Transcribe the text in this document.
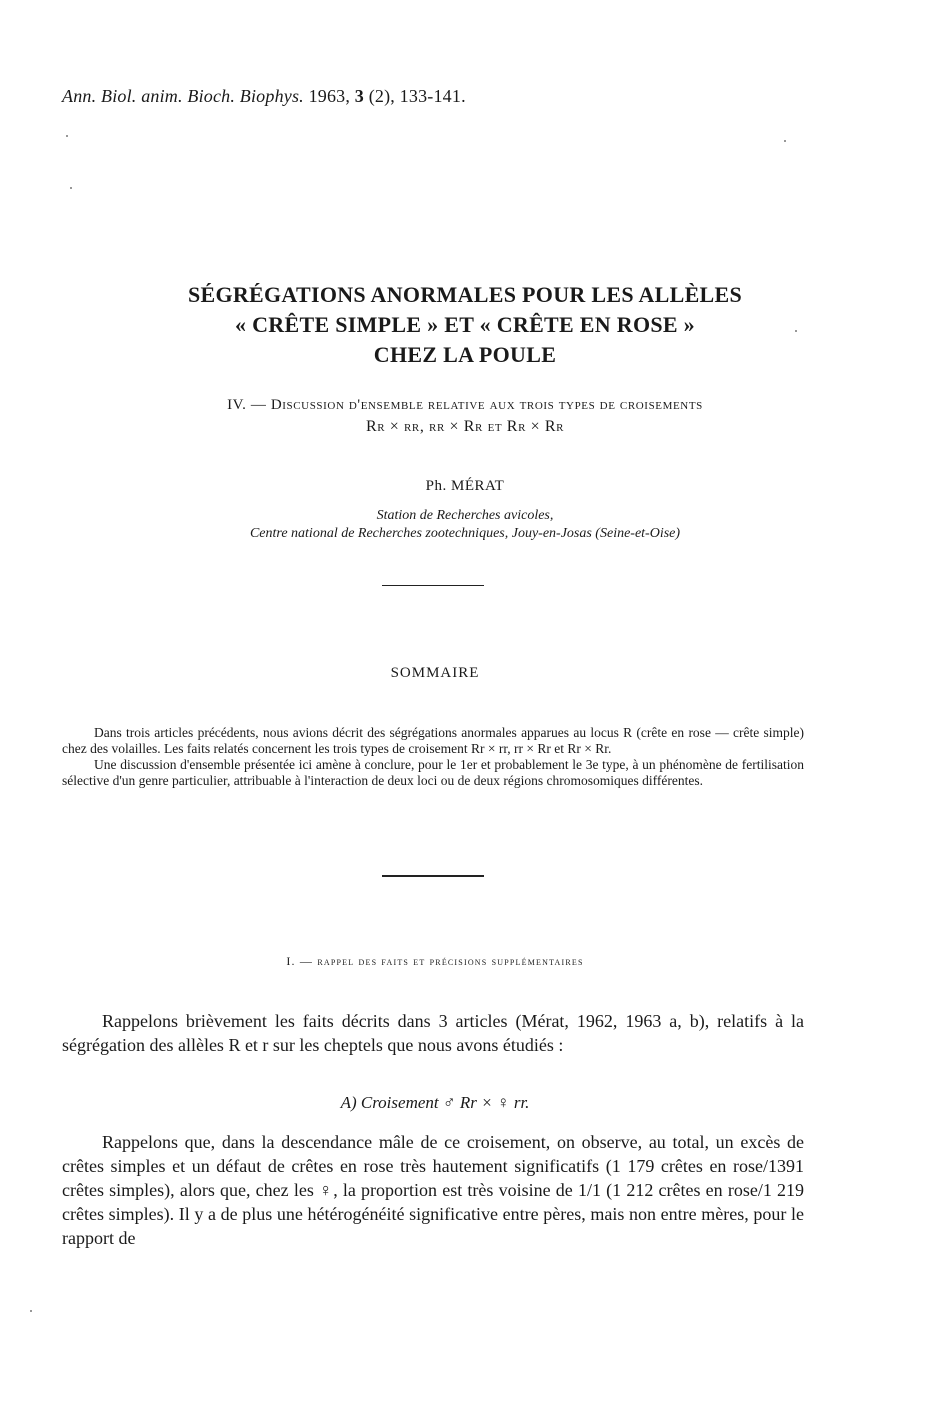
Ann. Biol. anim. Bioch. Biophys. 1963, 3 (2), 133-141.
SÉGRÉGATIONS ANORMALES POUR LES ALLÈLES
« CRÊTE SIMPLE » ET « CRÊTE EN ROSE »
CHEZ LA POULE
IV. — Discussion d'ensemble relative aux trois types de croisements
Rr × rr, rr × Rr et Rr × Rr
Ph. MÉRAT
Station de Recherches avicoles,
Centre national de Recherches zootechniques, Jouy-en-Josas (Seine-et-Oise)
SOMMAIRE

Dans trois articles précédents, nous avions décrit des ségrégations anormales apparues au locus R (crête en rose — crête simple) chez des volailles. Les faits relatés concernent les trois types de croisement Rr × rr, rr × Rr et Rr × Rr.

Une discussion d'ensemble présentée ici amène à conclure, pour le 1er et probablement le 3e type, à un phénomène de fertilisation sélective d'un genre particulier, attribuable à l'interaction de deux loci ou de deux régions chromosomiques différentes.

I. — rappel des faits et précisions supplémentaires

Rappelons brièvement les faits décrits dans 3 articles (Mérat, 1962, 1963 a, b), relatifs à la ségrégation des allèles R et r sur les cheptels que nous avons étudiés :

A) Croisement ♂ Rr × ♀ rr.

Rappelons que, dans la descendance mâle de ce croisement, on observe, au total, un excès de crêtes simples et un défaut de crêtes en rose très hautement significatifs (1 179 crêtes en rose/1391 crêtes simples), alors que, chez les ♀, la proportion est très voisine de 1/1 (1 212 crêtes en rose/1 219 crêtes simples). Il y a de plus une hétérogénéité significative entre pères, mais non entre mères, pour le rapport de
